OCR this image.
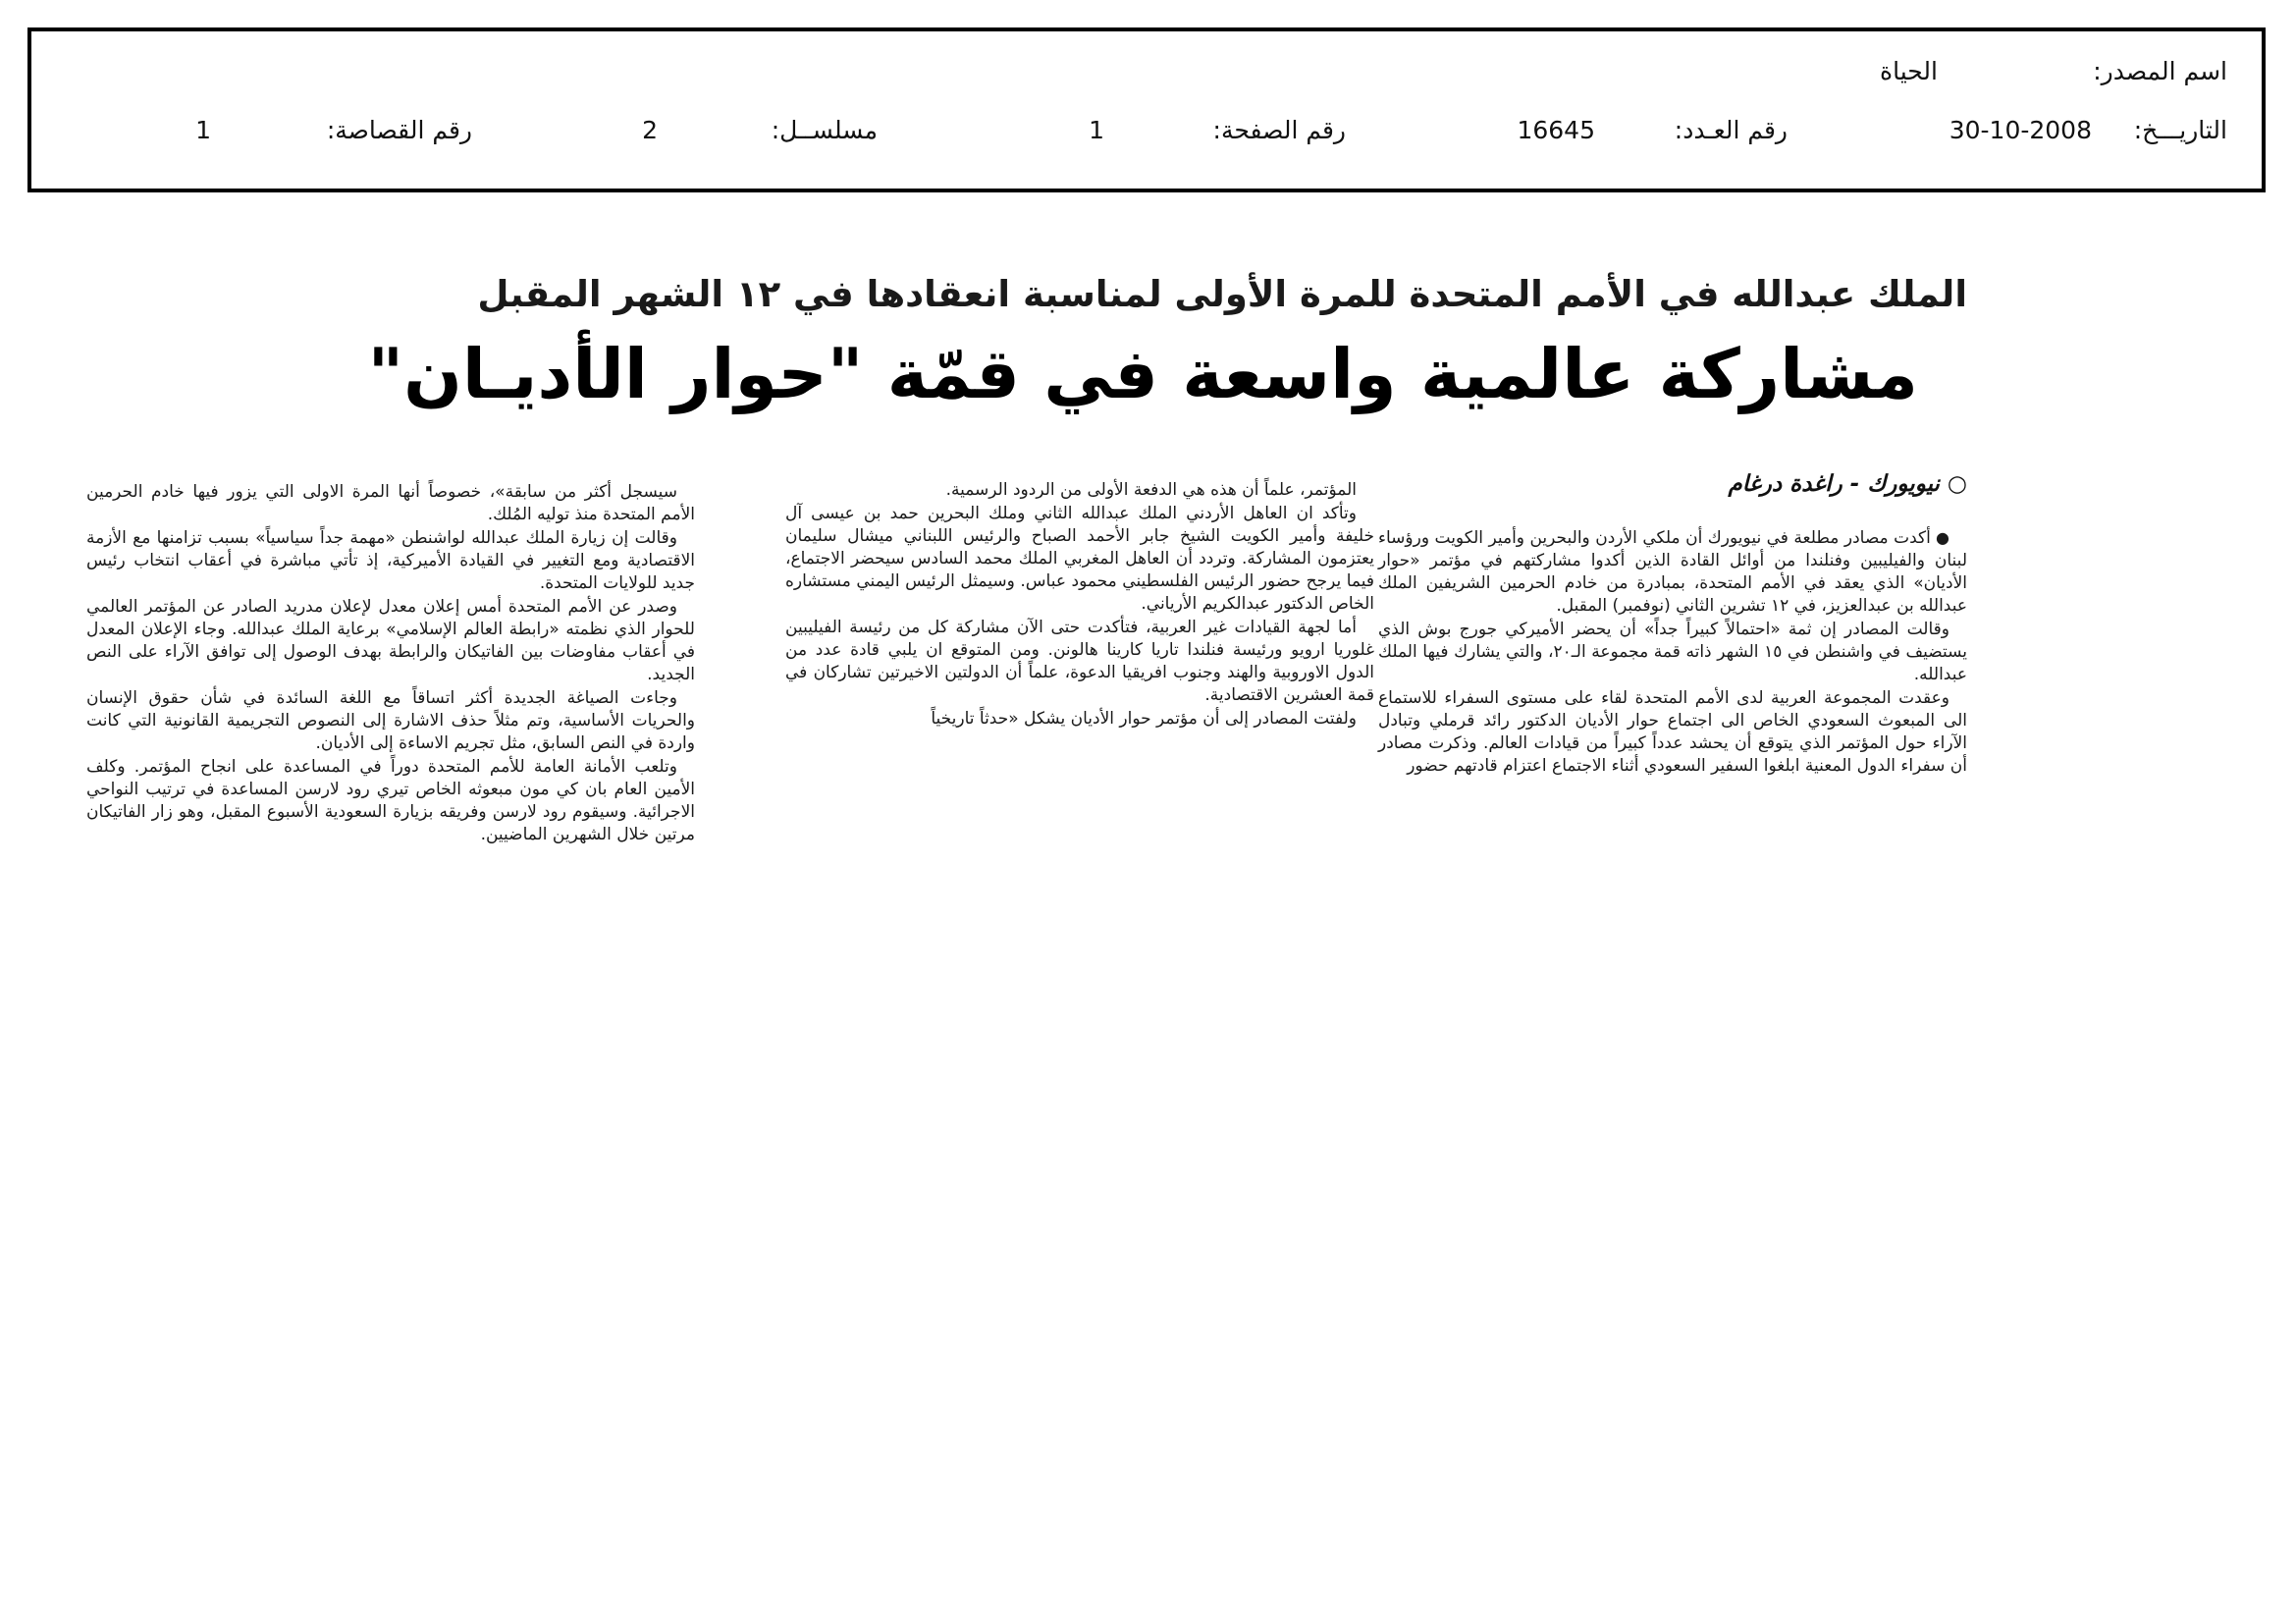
اسم المصدر:
الحياة
التاريـــخ:
30-10-2008
رقم العـدد:
16645
رقم الصفحة:
1
مسلســل:
2
رقم القصاصة:
1
الملك عبدالله في الأمم المتحدة للمرة الأولى لمناسبة انعقادها في ١٢ الشهر المقبل
مشاركة عالمية واسعة في قمّة "حوار الأديـان"
○ نيويورك - راغدة درغام

● أكدت مصادر مطلعة في نيويورك أن ملكي الأردن والبحرين وأمير الكويت ورؤساء لبنان والفيليبين وفنلندا من أوائل القادة الذين أكدوا مشاركتهم في مؤتمر «حوار الأديان» الذي يعقد في الأمم المتحدة، بمبادرة من خادم الحرمين الشريفين الملك عبدالله بن عبدالعزيز، في ١٢ تشرين الثاني (نوفمبر) المقبل.

وقالت المصادر إن ثمة «احتمالاً كبيراً جداً» أن يحضر الأميركي جورج بوش الذي يستضيف في واشنطن في ١٥ الشهر ذاته قمة مجموعة الـ٢٠، والتي يشارك فيها الملك عبدالله.

وعقدت المجموعة العربية لدى الأمم المتحدة لقاء على مستوى السفراء للاستماع الى المبعوث السعودي الخاص الى اجتماع حوار الأديان الدكتور رائد قرملي وتبادل الآراء حول المؤتمر الذي يتوقع أن يحشد عدداً كبيراً من قيادات العالم. وذكرت مصادر أن سفراء الدول المعنية ابلغوا السفير السعودي أثناء الاجتماع اعتزام قادتهم حضور

المؤتمر، علماً أن هذه هي الدفعة الأولى من الردود الرسمية.

وتأكد ان العاهل الأردني الملك عبدالله الثاني وملك البحرين حمد بن عيسى آل خليفة وأمير الكويت الشيخ جابر الأحمد الصباح والرئيس اللبناني ميشال سليمان يعتزمون المشاركة. وتردد أن العاهل المغربي الملك محمد السادس سيحضر الاجتماع، فيما يرجح حضور الرئيس الفلسطيني محمود عباس. وسيمثل الرئيس اليمني مستشاره الخاص الدكتور عبدالكريم الأرياني.

أما لجهة القيادات غير العربية، فتأكدت حتى الآن مشاركة كل من رئيسة الفيليبين غلوريا ارويو ورئيسة فنلندا تاريا كارينا هالونن. ومن المتوقع ان يلبي قادة عدد من الدول الاوروبية والهند وجنوب افريقيا الدعوة، علماً أن الدولتين الاخيرتين تشاركان في قمة العشرين الاقتصادية.

ولفتت المصادر إلى أن مؤتمر حوار الأديان يشكل «حدثاً تاريخياً

سيسجل أكثر من سابقة»، خصوصاً أنها المرة الاولى التي يزور فيها خادم الحرمين الأمم المتحدة منذ توليه المُلك.

وقالت إن زيارة الملك عبدالله لواشنطن «مهمة جداً سياسياً» بسبب تزامنها مع الأزمة الاقتصادية ومع التغيير في القيادة الأميركية، إذ تأتي مباشرة في أعقاب انتخاب رئيس جديد للولايات المتحدة.

وصدر عن الأمم المتحدة أمس إعلان معدل لإعلان مدريد الصادر عن المؤتمر العالمي للحوار الذي نظمته «رابطة العالم الإسلامي» برعاية الملك عبدالله. وجاء الإعلان المعدل في أعقاب مفاوضات بين الفاتيكان والرابطة بهدف الوصول إلى توافق الآراء على النص الجديد.

وجاءت الصياغة الجديدة أكثر اتساقاً مع اللغة السائدة في شأن حقوق الإنسان والحريات الأساسية، وتم مثلاً حذف الاشارة إلى النصوص التجريمية القانونية التي كانت واردة في النص السابق، مثل تجريم الاساءة إلى الأديان.

وتلعب الأمانة العامة للأمم المتحدة دوراً في المساعدة على انجاح المؤتمر. وكلف الأمين العام بان كي مون مبعوثه الخاص تيري رود لارسن المساعدة في ترتيب النواحي الاجرائية. وسيقوم رود لارسن وفريقه بزيارة السعودية الأسبوع المقبل، وهو زار الفاتيكان مرتين خلال الشهرين الماضيين.
